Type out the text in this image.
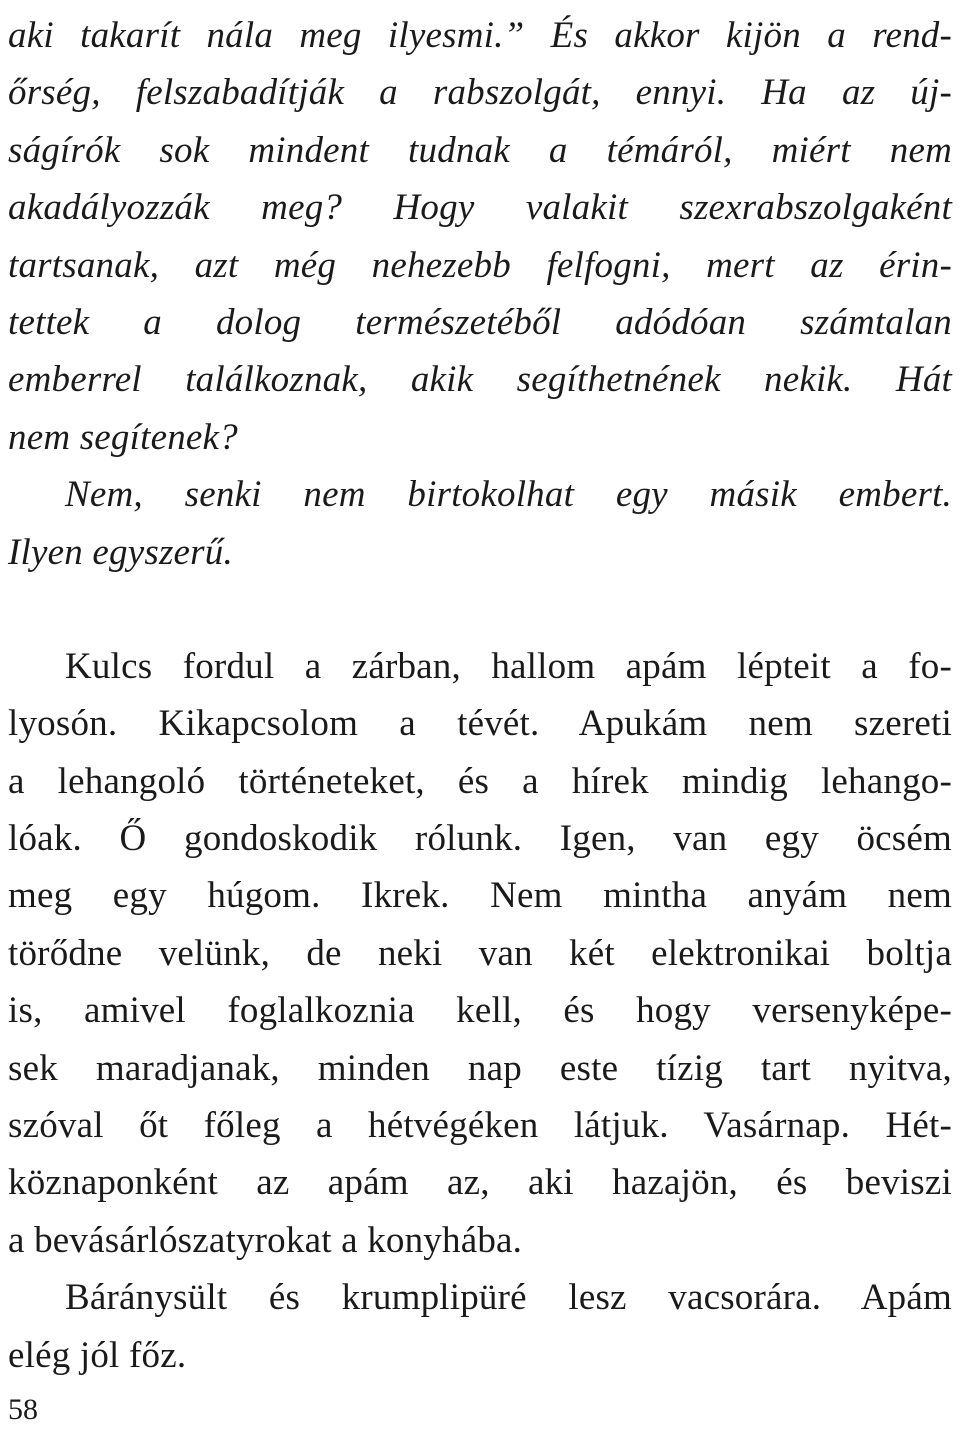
aki takarít nála meg ilyesmi.” És akkor kijön a rend-
őrség, felszabadítják a rabszolgát, ennyi. Ha az új-
ságírók sok mindent tudnak a témáról, miért nem
akadályozzák meg? Hogy valakit szexrabszolgaként
tartsanak, azt még nehezebb felfogni, mert az érin-
tettek a dolog természetéből adódóan számtalan
emberrel találkoznak, akik segíthetnének nekik. Hát
nem segítenek?
Nem, senki nem birtokolhat egy másik embert.
Ilyen egyszerű.
Kulcs fordul a zárban, hallom apám lépteit a fo-
lyosón. Kikapcsolom a tévét. Apukám nem szereti
a lehangoló történeteket, és a hírek mindig lehango-
lóak. Ő gondoskodik rólunk. Igen, van egy öcsém
meg egy húgom. Ikrek. Nem mintha anyám nem
törődne velünk, de neki van két elektronikai boltja
is, amivel foglalkoznia kell, és hogy versenyképe-
sek maradjanak, minden nap este tízig tart nyitva,
szóval őt főleg a hétvégéken látjuk. Vasárnap. Hét-
köznaponként az apám az, aki hazajön, és beviszi
a bevásárlószatyrokat a konyhába.
Báránysült és krumplipüré lesz vacsorára. Apám
elég jól főz.
58
